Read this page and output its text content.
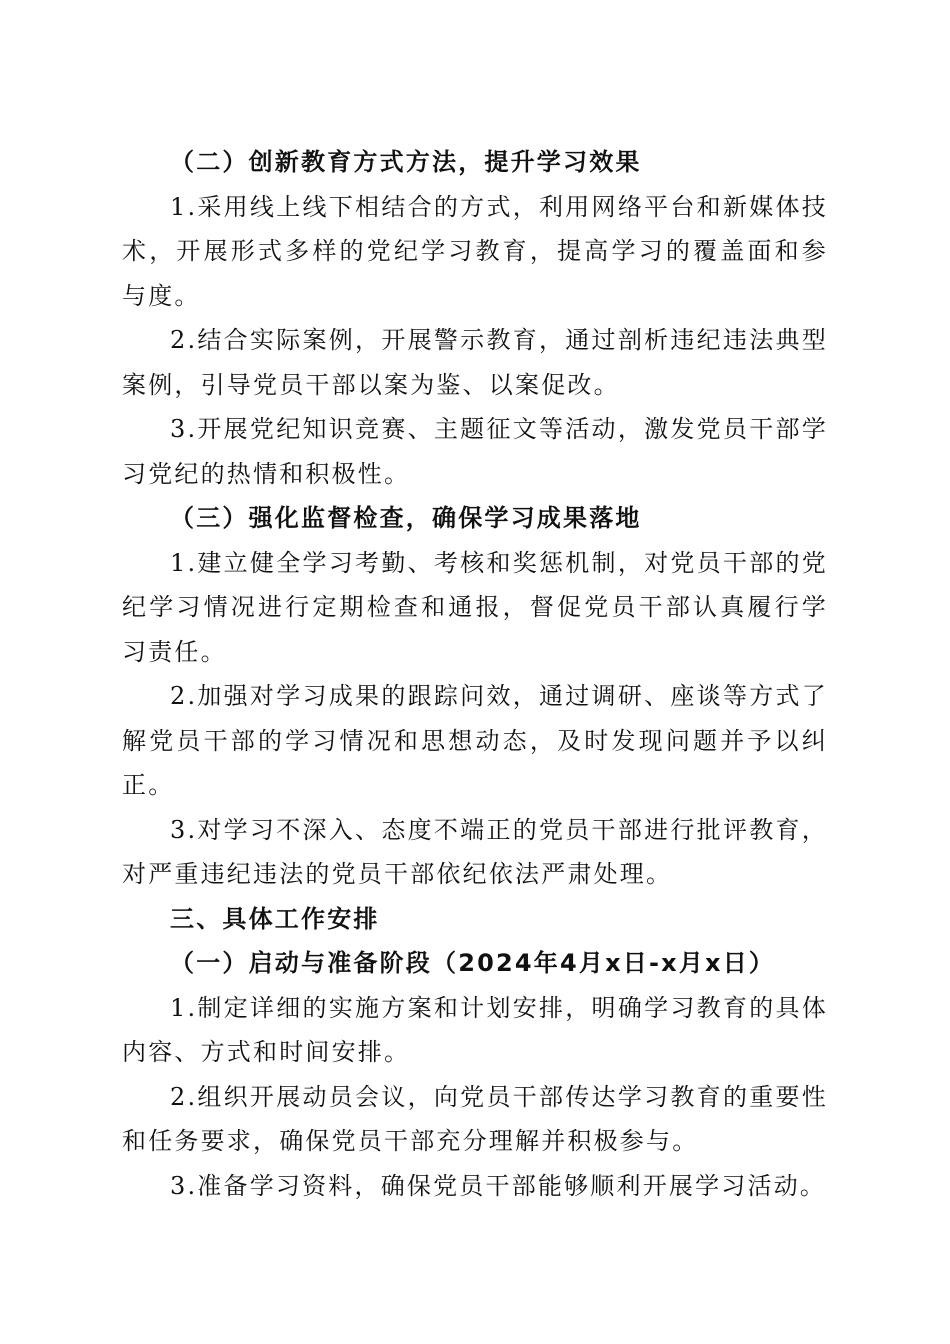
（二）创新教育方式方法，提升学习效果

1.采用线上线下相结合的方式，利用网络平台和新媒体技术，开展形式多样的党纪学习教育，提高学习的覆盖面和参与度。

2.结合实际案例，开展警示教育，通过剖析违纪违法典型案例，引导党员干部以案为鉴、以案促改。

3.开展党纪知识竞赛、主题征文等活动，激发党员干部学习党纪的热情和积极性。

（三）强化监督检查，确保学习成果落地

1.建立健全学习考勤、考核和奖惩机制，对党员干部的党纪学习情况进行定期检查和通报，督促党员干部认真履行学习责任。

2.加强对学习成果的跟踪问效，通过调研、座谈等方式了解党员干部的学习情况和思想动态，及时发现问题并予以纠正。

3.对学习不深入、态度不端正的党员干部进行批评教育，对严重违纪违法的党员干部依纪依法严肃处理。

三、具体工作安排

（一）启动与准备阶段（2024年4月x日-x月x日）

1.制定详细的实施方案和计划安排，明确学习教育的具体内容、方式和时间安排。

2.组织开展动员会议，向党员干部传达学习教育的重要性和任务要求，确保党员干部充分理解并积极参与。

3.准备学习资料，确保党员干部能够顺利开展学习活动。
